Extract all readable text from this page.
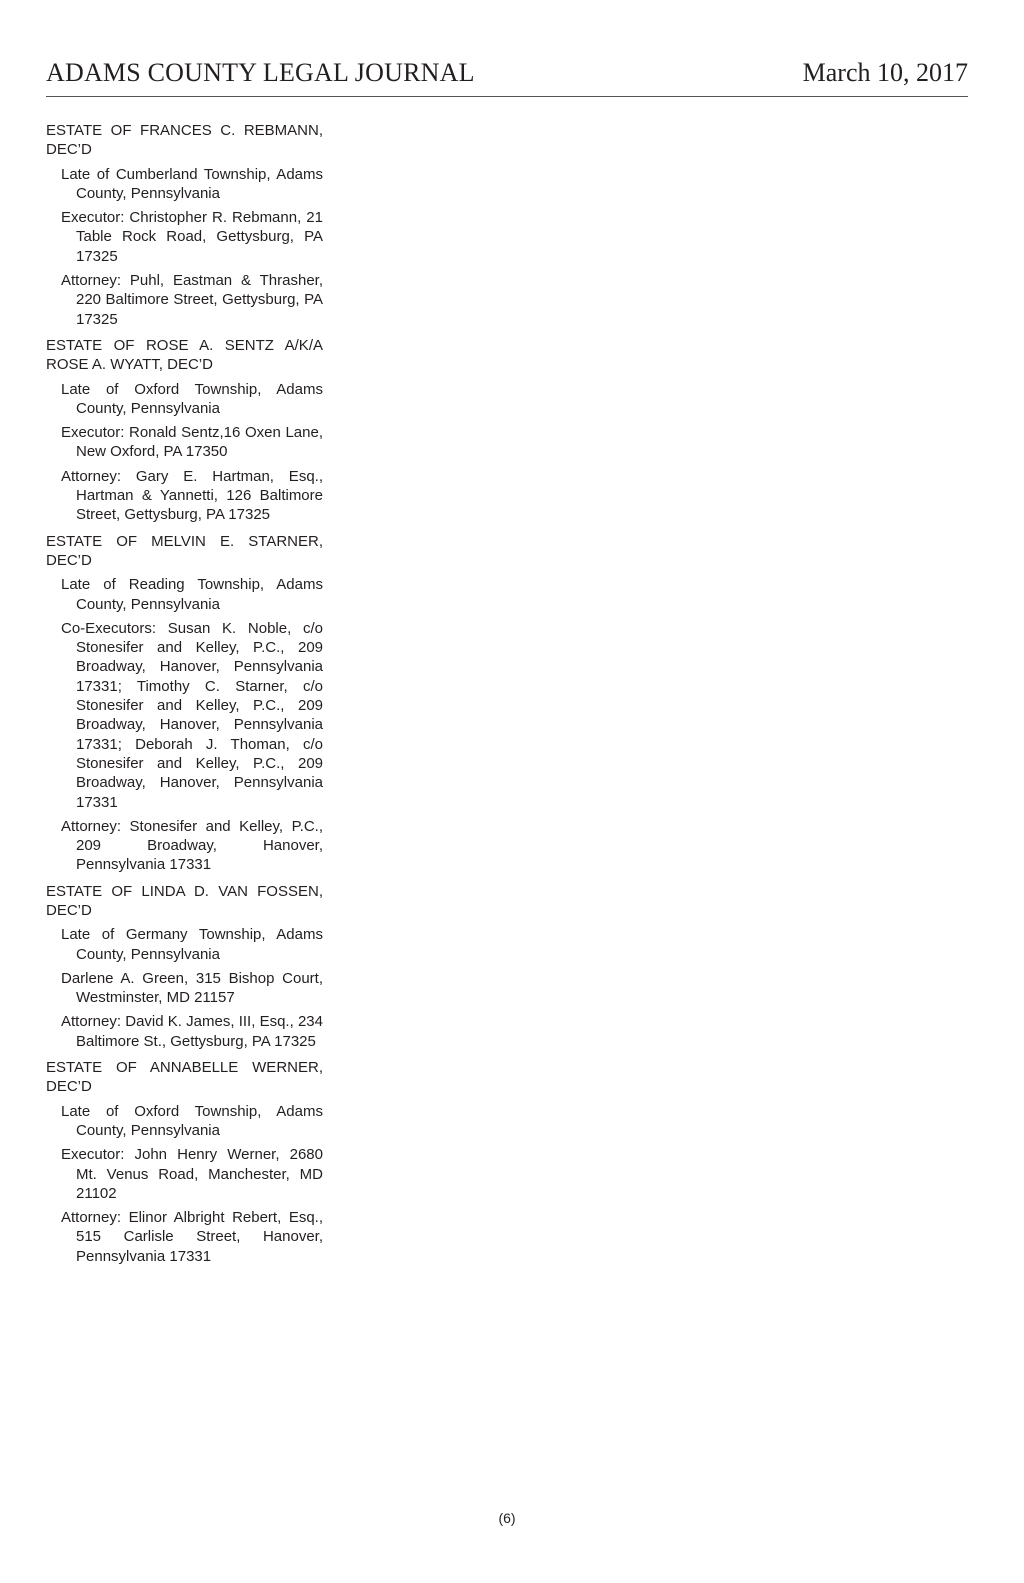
ADAMS COUNTY LEGAL JOURNAL	March 10, 2017
ESTATE OF FRANCES C. REBMANN, DEC’D
Late of Cumberland Township, Adams County, Pennsylvania
Executor: Christopher R. Rebmann, 21 Table Rock Road, Gettysburg, PA 17325
Attorney: Puhl, Eastman & Thrasher, 220 Baltimore Street, Gettysburg, PA 17325
ESTATE OF ROSE A. SENTZ A/K/A ROSE A. WYATT, DEC’D
Late of Oxford Township, Adams County, Pennsylvania
Executor: Ronald Sentz,16 Oxen Lane, New Oxford, PA 17350
Attorney: Gary E. Hartman, Esq., Hartman & Yannetti, 126 Baltimore Street, Gettysburg, PA 17325
ESTATE OF MELVIN E. STARNER, DEC’D
Late of Reading Township, Adams County, Pennsylvania
Co-Executors: Susan K. Noble, c/o Stonesifer and Kelley, P.C., 209 Broadway, Hanover, Pennsylvania 17331; Timothy C. Starner, c/o Stonesifer and Kelley, P.C., 209 Broadway, Hanover, Pennsylvania 17331; Deborah J. Thoman, c/o Stonesifer and Kelley, P.C., 209 Broadway, Hanover, Pennsylvania 17331
Attorney: Stonesifer and Kelley, P.C., 209 Broadway, Hanover, Pennsylvania 17331
ESTATE OF LINDA D. VAN FOSSEN, DEC’D
Late of Germany Township, Adams County, Pennsylvania
Darlene A. Green, 315 Bishop Court, Westminster, MD 21157
Attorney: David K. James, III, Esq., 234 Baltimore St., Gettysburg, PA 17325
ESTATE OF ANNABELLE WERNER, DEC’D
Late of Oxford Township, Adams County, Pennsylvania
Executor: John Henry Werner, 2680 Mt. Venus Road, Manchester, MD 21102
Attorney: Elinor Albright Rebert, Esq., 515 Carlisle Street, Hanover, Pennsylvania 17331
(6)
